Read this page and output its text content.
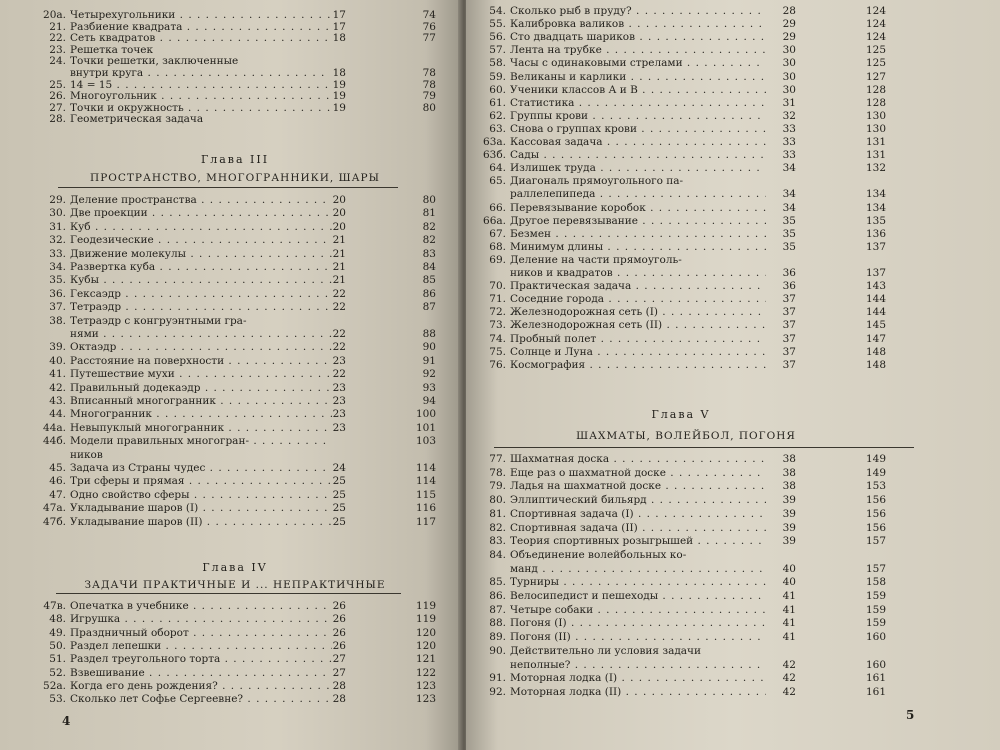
20a. Четырехугольники . . .	17	74
21. Разбиение квадрата . . .	17	76
22. Сеть квадратов . . .	18	77
23. Решетка точек
24. Точки решетки, заключенные
внутри круга . . .	18	78
25. 14 = 15 . . .	19	78
26. Многоугольник . . .	19	79
27. Точки и окружность . . .	19	80
28. Геометрическая задача
Глава III
ПРОСТРАНСТВО, МНОГОГРАННИКИ, ШАРЫ
29. Деление пространства . . .	20	80
30. Две проекции . . .	20	81
31. Куб . . .	20	82
32. Геодезические . . .	21	82
33. Движение молекулы . . .	21	83
34. Развертка куба . . .	21	84
35. Кубы . . .	21	85
36. Гексаэдр . . .	22	86
37. Тетраэдр . . .	22	87
38. Тетраэдр с конгруэнтными гра-
нями . . .	22	88
39. Октаэдр . . .	22	90
40. Расстояние на поверхности . . .	23	91
41. Путешествие мухи . . .	22	92
42. Правильный додекаэдр . . .	23	93
43. Вписанный многогранник . . .	23	94
44. Многогранник . . .	23	100
44a. Невыпуклый многогранник . . .	23	101
44б. Модели правильных многогран- . . .	103
ников
45. Задача из Страны чудес . . .	24	114
46. Три сферы и прямая . . .	25	114
47. Одно свойство сферы . . .	25	115
47a. Укладывание шаров (I) . . .	25	116
47б. Укладывание шаров (II) . . .	25	117
Глава IV
ЗАДАЧИ ПРАКТИЧНЫЕ И ... НЕПРАКТИЧНЫЕ
47в. Опечатка в учебнике . . .	26	119
48. Игрушка . . .	26	119
49. Праздничный оборот . . .	26	120
50. Раздел лепешки . . .	26	120
51. Раздел треугольного торта . . .	27	121
52. Взвешивание . . .	27	122
52a. Когда его день рождения? . . .	28	123
53. Сколько лет Софье Сергеевне? . . .	28	123
4
54. Сколько рыб в пруду? . . .	28	124
55. Калибровка валиков . . .	29	124
56. Сто двадцать шариков . . .	29	124
57. Лента на трубке . . .	30	125
58. Часы с одинаковыми стрелами . . .	30	125
59. Великаны и карлики . . .	30	127
60. Ученики классов А и В . . .	30	128
61. Статистика . . .	31	128
62. Группы крови . . .	32	130
63. Снова о группах крови . . .	33	130
63a. Кассовая задача . . .	33	131
63б. Сады . . .	33	131
64. Излишек труда . . .	34	132
65. Диагональ прямоугольного па-
раллелепипеда . . .	34	134
66. Перевязывание коробок . . .	34	134
66a. Другое перевязывание . . .	35	135
67. Безмен . . .	35	136
68. Минимум длины . . .	35	137
69. Деление на части прямоуголь-
ников и квадратов . . .	36	137
70. Практическая задача . . .	36	143
71. Соседние города . . .	37	144
72. Железнодорожная сеть (I) . . .	37	144
73. Железнодорожная сеть (II) . . .	37	145
74. Пробный полет . . .	37	147
75. Солнце и Луна . . .	37	148
76. Космография . . .	37	148
Глава V
ШАХМАТЫ, ВОЛЕЙБОЛ, ПОГОНЯ
77. Шахматная доска . . .	38	149
78. Еще раз о шахматной доске . . .	38	149
79. Ладья на шахматной доске . . .	38	153
80. Эллиптический бильярд . . .	39	156
81. Спортивная задача (I) . . .	39	156
82. Спортивная задача (II) . . .	39	156
83. Теория спортивных розыгрышей . . .	39	157
84. Объединение волейбольных ко-
манд . . .	40	157
85. Турниры . . .	40	158
86. Велосипедист и пешеходы . . .	41	159
87. Четыре собаки . . .	41	159
88. Погоня (I) . . .	41	159
89. Погоня (II) . . .	41	160
90. Действительно ли условия задачи
неполные? . . .	42	160
91. Моторная лодка (I) . . .	42	161
92. Моторная лодка (II) . . .	42	161
5
